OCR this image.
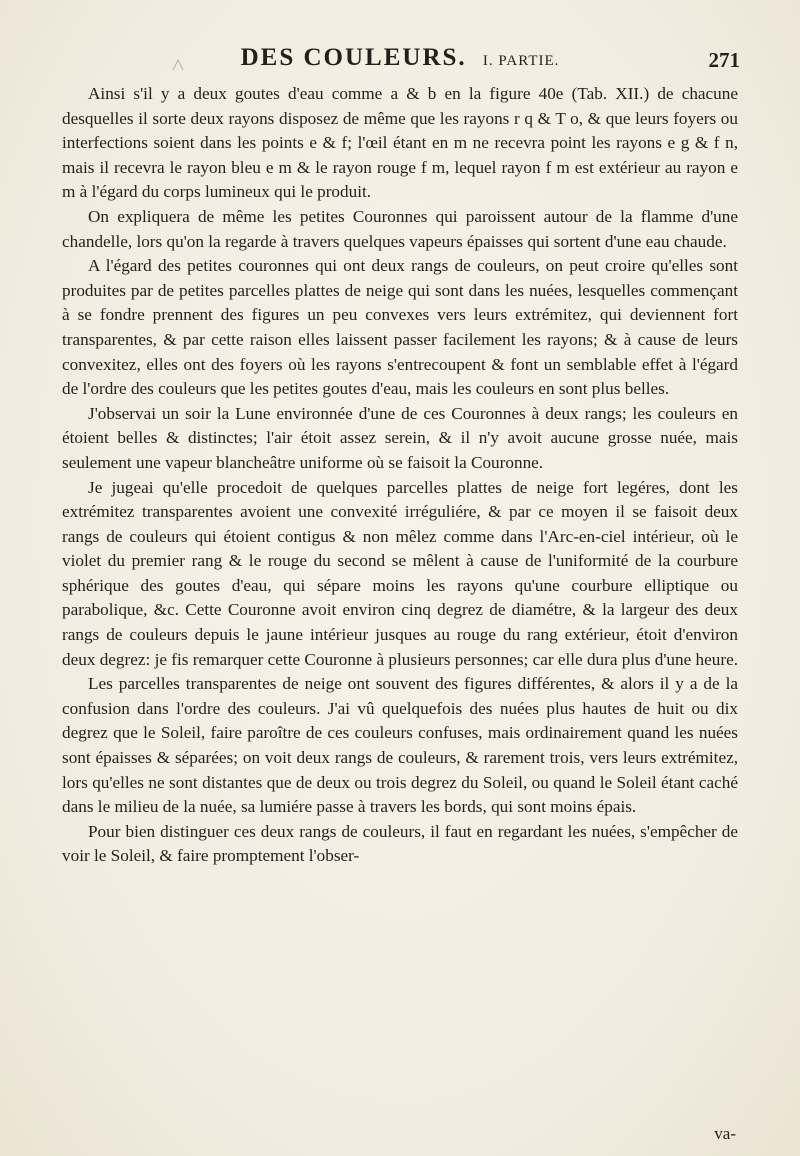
DES COULEURS. I. PARTIE.	271

Ainsi s'il y a deux goutes d'eau comme a & b en la figure 40e (Tab. XII.) de chacune desquelles il sorte deux rayons disposez de même que les rayons r q & T o, & que leurs foyers ou interfections soient dans les points e & f; l'œil étant en m ne recevra point les rayons e g & f n, mais il recevra le rayon bleu e m & le rayon rouge f m, lequel rayon f m est extérieur au rayon e m à l'égard du corps lumineux qui le produit.

On expliquera de même les petites Couronnes qui paroissent autour de la flamme d'une chandelle, lors qu'on la regarde à travers quelques vapeurs épaisses qui sortent d'une eau chaude.

A l'égard des petites couronnes qui ont deux rangs de couleurs, on peut croire qu'elles sont produites par de petites parcelles plattes de neige qui sont dans les nuées, lesquelles commençant à se fondre prennent des figures un peu convexes vers leurs extrémitez, qui deviennent fort transparentes, & par cette raison elles laissent passer facilement les rayons; & à cause de leurs convexitez, elles ont des foyers où les rayons s'entrecoupent & font un semblable effet à l'égard de l'ordre des couleurs que les petites goutes d'eau, mais les couleurs en sont plus belles.

J'observai un soir la Lune environnée d'une de ces Couronnes à deux rangs; les couleurs en étoient belles & distinctes; l'air étoit assez serein, & il n'y avoit aucune grosse nuée, mais seulement une vapeur blancheâtre uniforme où se faisoit la Couronne.

Je jugeai qu'elle procedoit de quelques parcelles plattes de neige fort legéres, dont les extrémitez transparentes avoient une convexité irréguliére, & par ce moyen il se faisoit deux rangs de couleurs qui étoient contigus & non mêlez comme dans l'Arc-en-ciel intérieur, où le violet du premier rang & le rouge du second se mêlent à cause de l'uniformité de la courbure sphérique des goutes d'eau, qui sépare moins les rayons qu'une courbure elliptique ou parabolique, &c. Cette Couronne avoit environ cinq degrez de diamétre, & la largeur des deux rangs de couleurs depuis le jaune intérieur jusques au rouge du rang extérieur, étoit d'environ deux degrez: je fis remarquer cette Couronne à plusieurs personnes; car elle dura plus d'une heure.

Les parcelles transparentes de neige ont souvent des figures différentes, & alors il y a de la confusion dans l'ordre des couleurs. J'ai vû quelquefois des nuées plus hautes de huit ou dix degrez que le Soleil, faire paroître de ces couleurs confuses, mais ordinairement quand les nuées sont épaisses & séparées; on voit deux rangs de couleurs, & rarement trois, vers leurs extrémitez, lors qu'elles ne sont distantes que de deux ou trois degrez du Soleil, ou quand le Soleil étant caché dans le milieu de la nuée, sa lumiére passe à travers les bords, qui sont moins épais.

Pour bien distinguer ces deux rangs de couleurs, il faut en regardant les nuées, s'empêcher de voir le Soleil, & faire promptement l'obser-

va-
